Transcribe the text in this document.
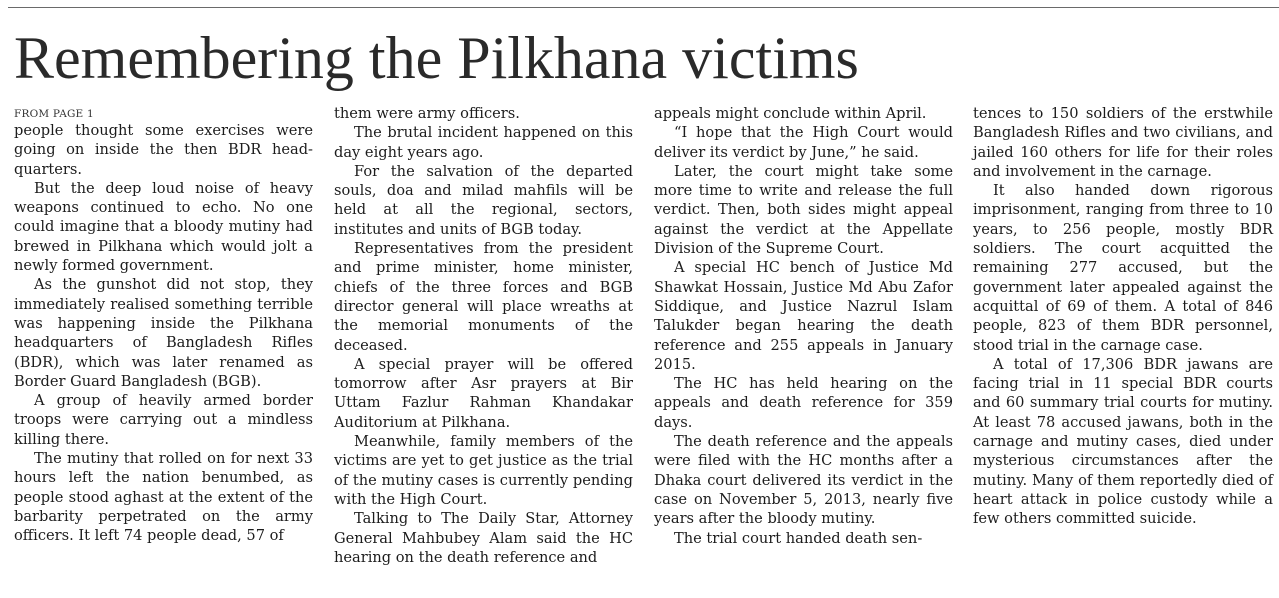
Remembering the Pilkhana victims
FROM PAGE 1

people thought some exercises were going on inside the then BDR head-quarters.

But the deep loud noise of heavy weapons continued to echo. No one could imagine that a bloody mutiny had brewed in Pilkhana which would jolt a newly formed government.

As the gunshot did not stop, they immediately realised something terrible was happening inside the Pilkhana headquarters of Bangladesh Rifles (BDR), which was later renamed as Border Guard Bangladesh (BGB).

A group of heavily armed border troops were carrying out a mindless killing there.

The mutiny that rolled on for next 33 hours left the nation benumbed, as people stood aghast at the extent of the barbarity perpetrated on the army officers. It left 74 people dead, 57 of

them were army officers.

The brutal incident happened on this day eight years ago.

For the salvation of the departed souls, doa and milad mahfils will be held at all the regional, sectors, institutes and units of BGB today.

Representatives from the president and prime minister, home minister, chiefs of the three forces and BGB director general will place wreaths at the memorial monuments of the deceased.

A special prayer will be offered tomorrow after Asr prayers at Bir Uttam Fazlur Rahman Khandakar Auditorium at Pilkhana.

Meanwhile, family members of the victims are yet to get justice as the trial of the mutiny cases is currently pending with the High Court.

Talking to The Daily Star, Attorney General Mahbubey Alam said the HC hearing on the death reference and

appeals might conclude within April.

“I hope that the High Court would deliver its verdict by June,” he said.

Later, the court might take some more time to write and release the full verdict. Then, both sides might appeal against the verdict at the Appellate Division of the Supreme Court.

A special HC bench of Justice Md Shawkat Hossain, Justice Md Abu Zafor Siddique, and Justice Nazrul Islam Talukder began hearing the death reference and 255 appeals in January 2015.

The HC has held hearing on the appeals and death reference for 359 days.

The death reference and the appeals were filed with the HC months after a Dhaka court delivered its verdict in the case on November 5, 2013, nearly five years after the bloody mutiny.

The trial court handed death sen-

tences to 150 soldiers of the erstwhile Bangladesh Rifles and two civilians, and jailed 160 others for life for their roles and involvement in the carnage.

It also handed down rigorous imprisonment, ranging from three to 10 years, to 256 people, mostly BDR soldiers. The court acquitted the remaining 277 accused, but the government later appealed against the acquittal of 69 of them. A total of 846 people, 823 of them BDR personnel, stood trial in the carnage case.

A total of 17,306 BDR jawans are facing trial in 11 special BDR courts and 60 summary trial courts for mutiny. At least 78 accused jawans, both in the carnage and mutiny cases, died under mysterious circumstances after the mutiny. Many of them reportedly died of heart attack in police custody while a few others committed suicide.
